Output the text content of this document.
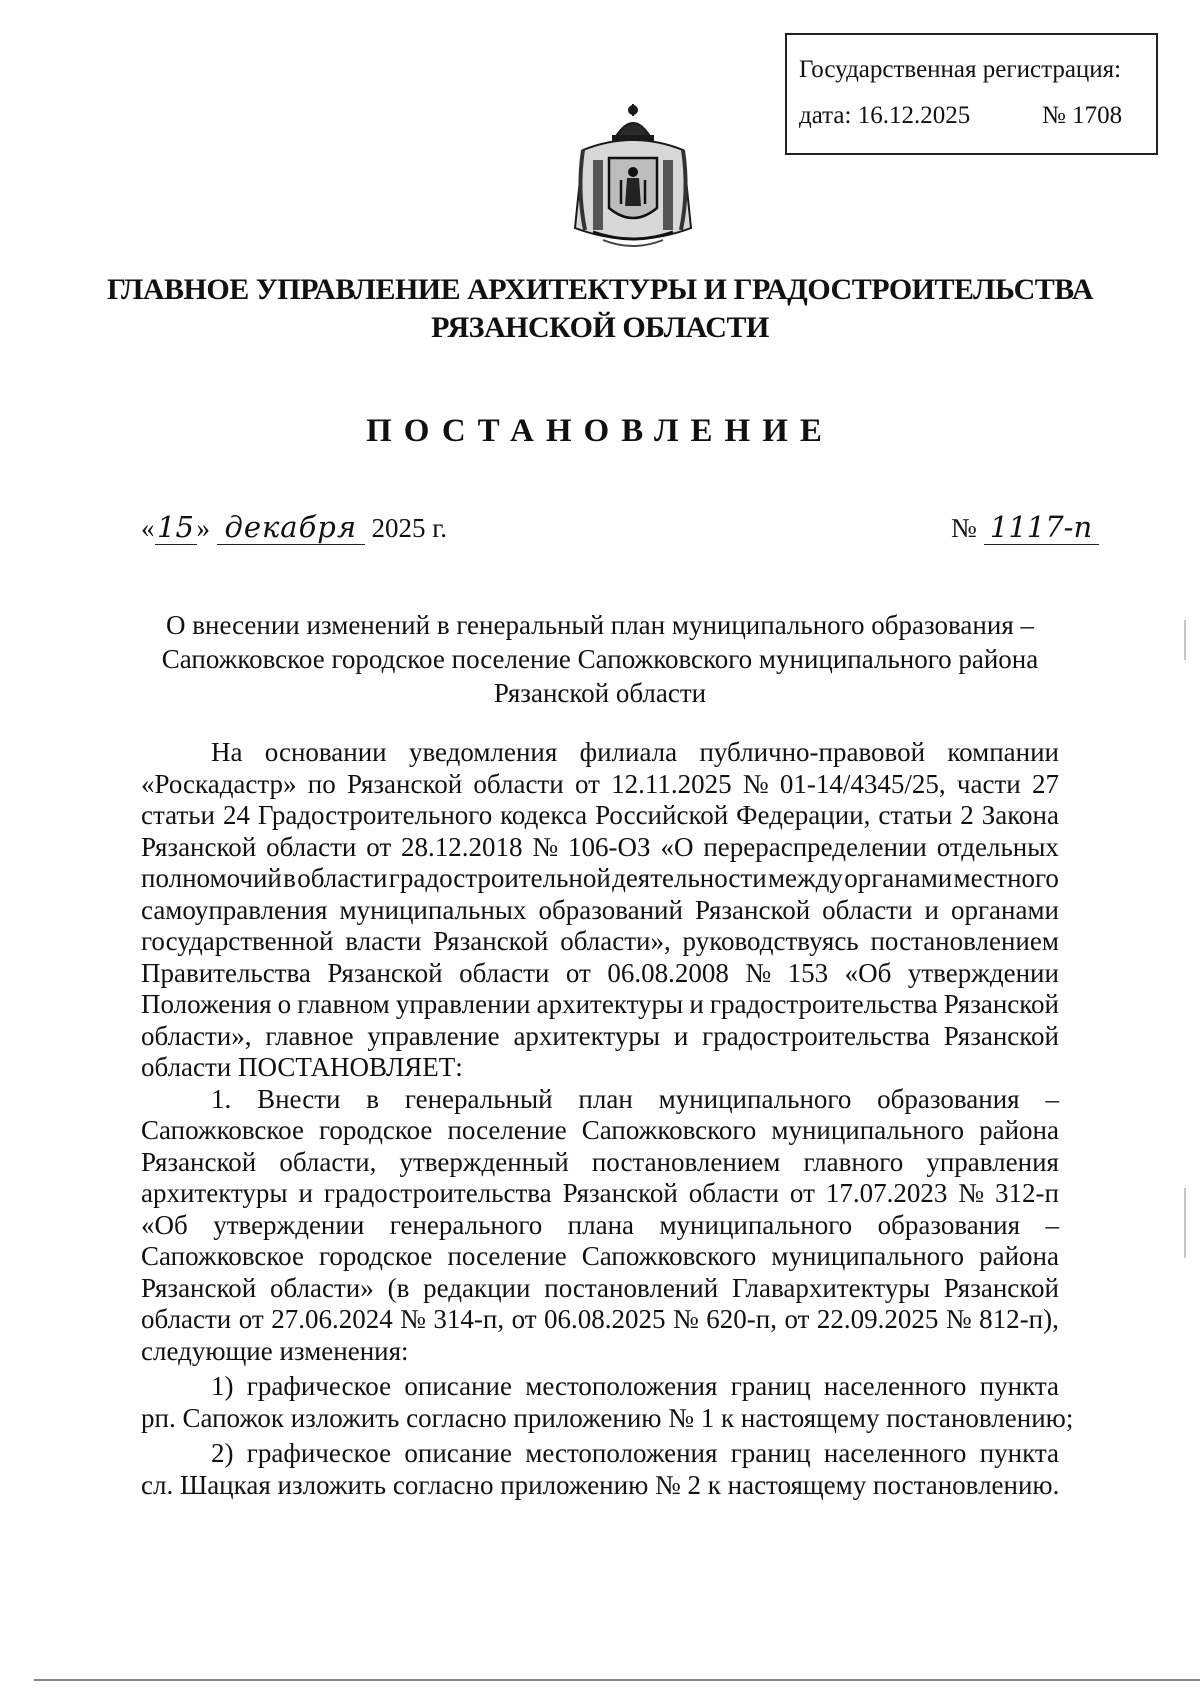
Государственная регистрация:
дата: 16.12.2025	№ 1708
ГЛАВНОЕ УПРАВЛЕНИЕ АРХИТЕКТУРЫ И ГРАДОСТРОИТЕЛЬСТВА
РЯЗАНСКОЙ ОБЛАСТИ
ПОСТАНОВЛЕНИЕ
«15» декабря 2025 г.	№ 1117-п
О внесении изменений в генеральный план муниципального образования –
Сапожковское городское поселение Сапожковского муниципального района
Рязанской области
На основании уведомления филиала публично-правовой компании
«Роскадастр» по Рязанской области от 12.11.2025 № 01-14/4345/25, части 27
статьи 24 Градостроительного кодекса Российской Федерации, статьи 2 Закона
Рязанской области от 28.12.2018 № 106-ОЗ «О перераспределении отдельных
полномочий в области градостроительной деятельности между органами местного
самоуправления муниципальных образований Рязанской области и органами
государственной власти Рязанской области», руководствуясь постановлением
Правительства Рязанской области от 06.08.2008 № 153 «Об утверждении
Положения о главном управлении архитектуры и градостроительства Рязанской
области», главное управление архитектуры и градостроительства Рязанской
области ПОСТАНОВЛЯЕТ:
1. Внести в генеральный план муниципального образования –
Сапожковское городское поселение Сапожковского муниципального района
Рязанской области, утвержденный постановлением главного управления
архитектуры и градостроительства Рязанской области от 17.07.2023 № 312-п
«Об утверждении генерального плана муниципального образования –
Сапожковское городское поселение Сапожковского муниципального района
Рязанской области» (в редакции постановлений Главархитектуры Рязанской
области от 27.06.2024 № 314-п, от 06.08.2025 № 620-п, от 22.09.2025 № 812-п),
следующие изменения:
1) графическое описание местоположения границ населенного пункта
рп. Сапожок изложить согласно приложению № 1 к настоящему постановлению;
2) графическое описание местоположения границ населенного пункта
сл. Шацкая изложить согласно приложению № 2 к настоящему постановлению.
